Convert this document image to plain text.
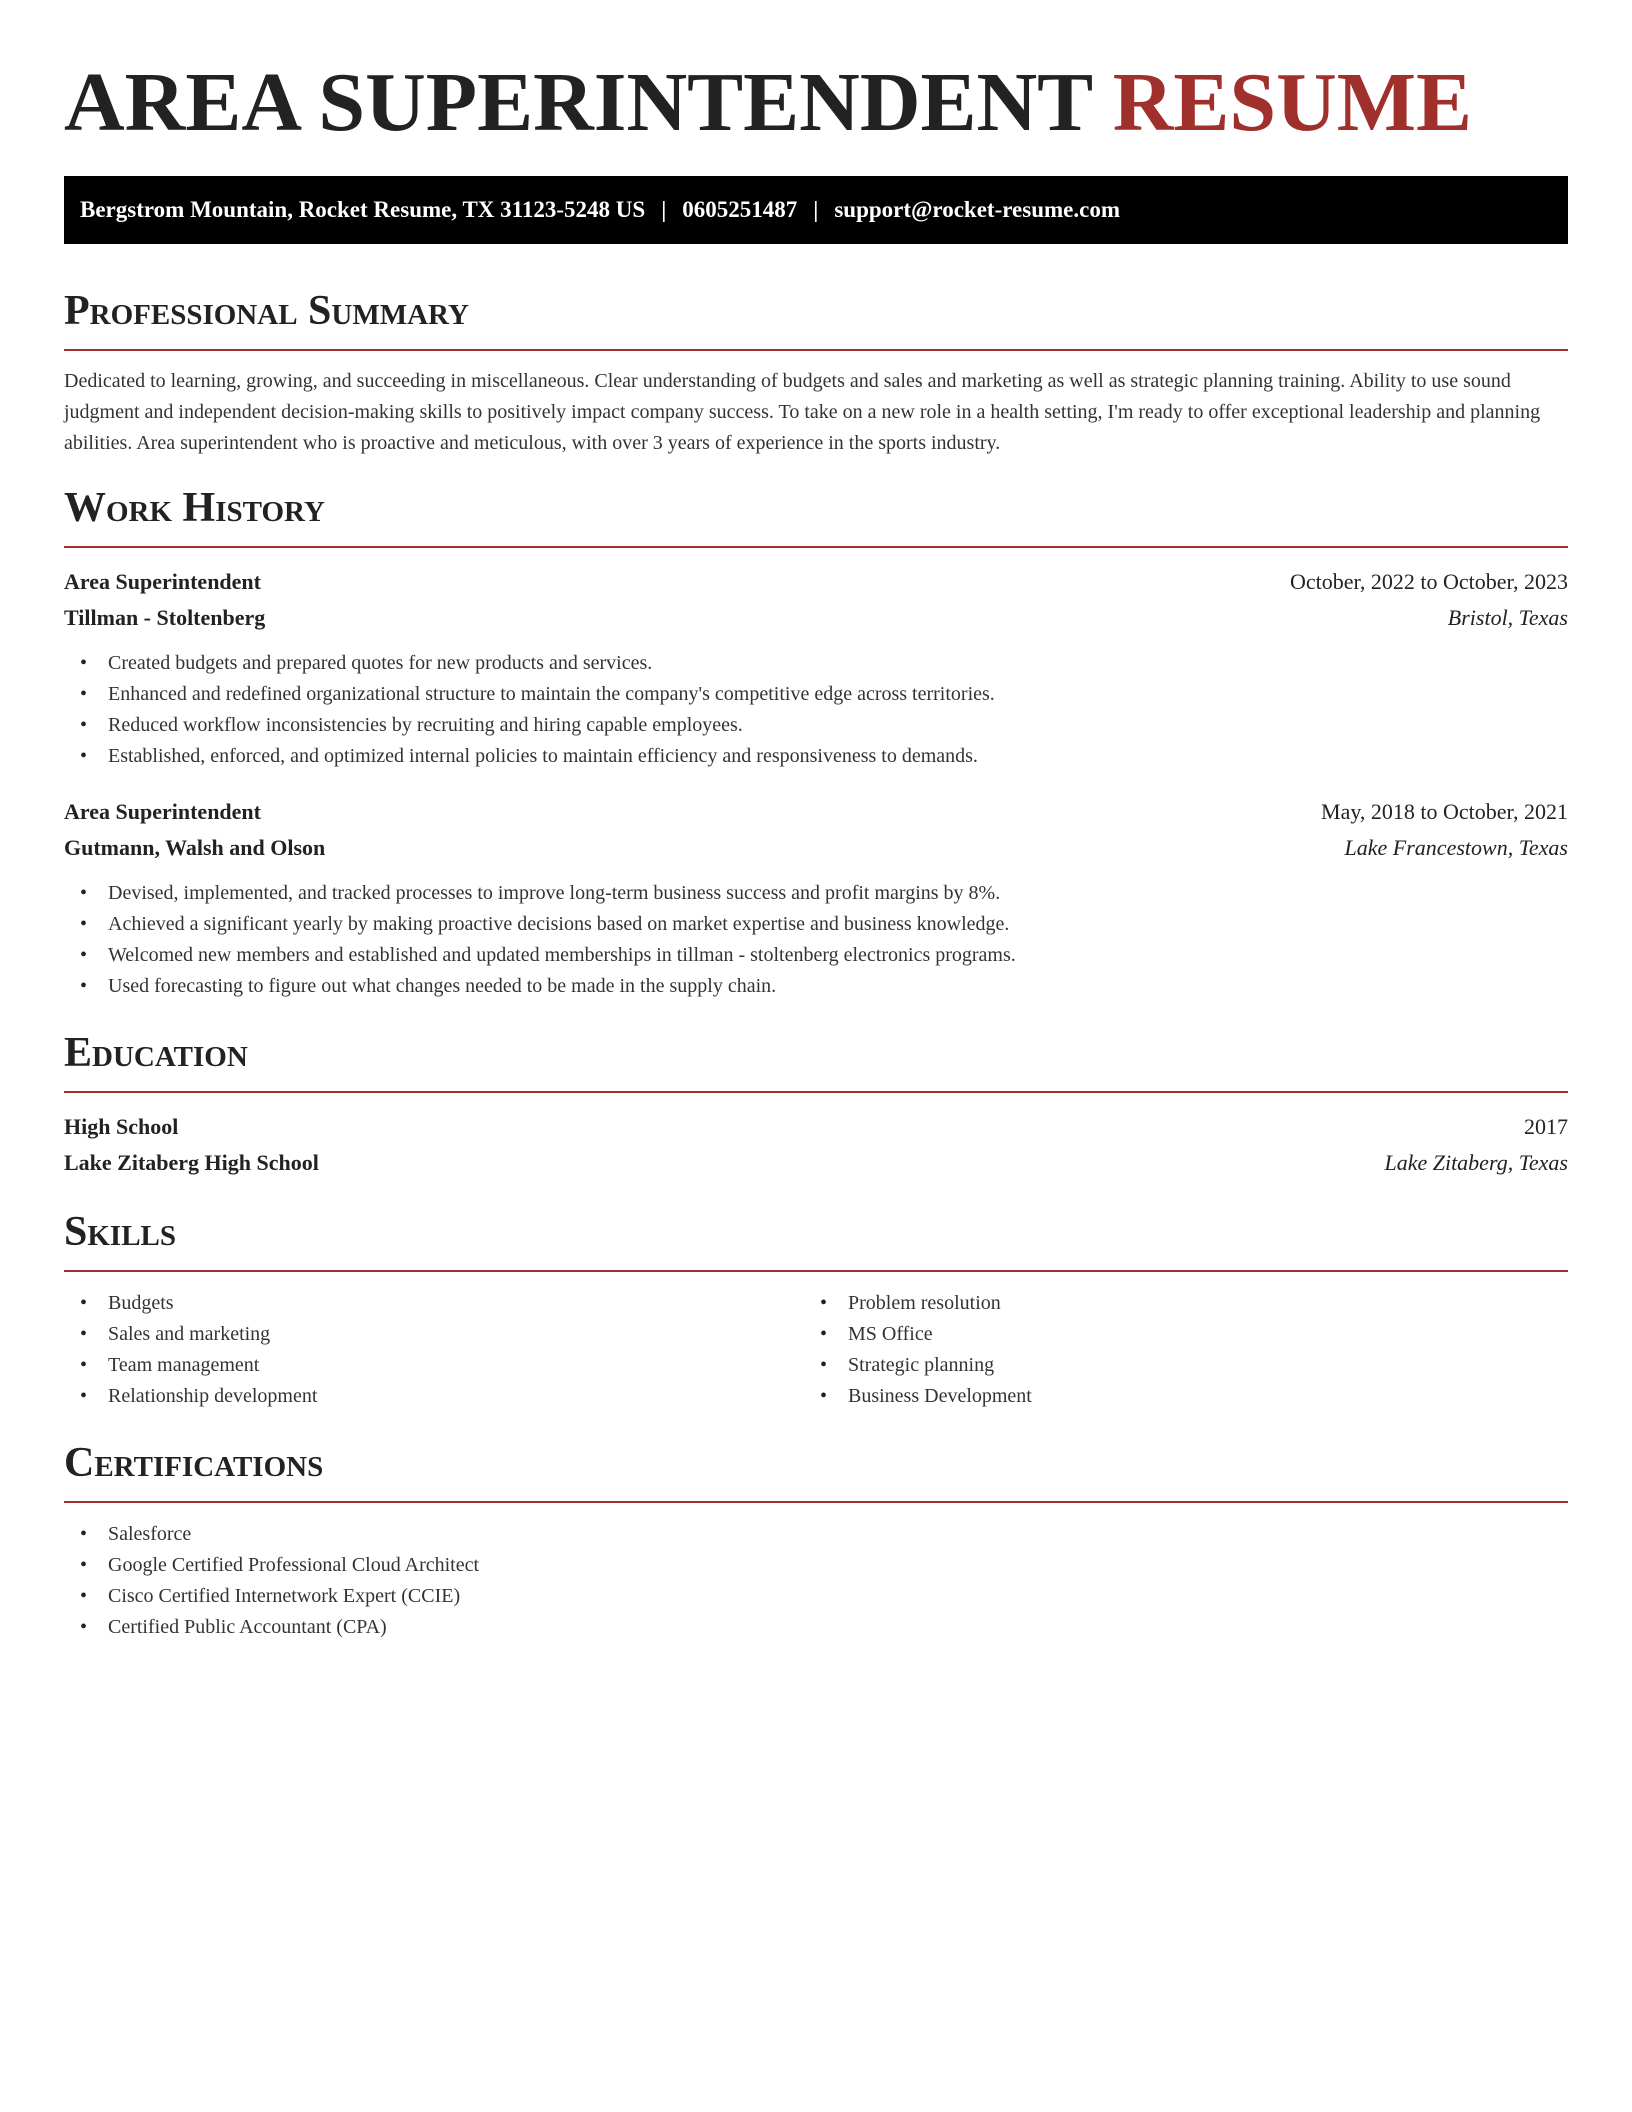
AREA SUPERINTENDENT RESUME
Bergstrom Mountain, Rocket Resume, TX 31123-5248 US | 0605251487 | support@rocket-resume.com
Professional Summary

Dedicated to learning, growing, and succeeding in miscellaneous. Clear understanding of budgets and sales and marketing as well as strategic planning training. Ability to use sound judgment and independent decision-making skills to positively impact company success. To take on a new role in a health setting, I'm ready to offer exceptional leadership and planning abilities. Area superintendent who is proactive and meticulous, with over 3 years of experience in the sports industry.

Work History
Area Superintendent	October, 2022 to October, 2023
Tillman - Stoltenberg	Bristol, Texas
• Created budgets and prepared quotes for new products and services.
• Enhanced and redefined organizational structure to maintain the company's competitive edge across territories.
• Reduced workflow inconsistencies by recruiting and hiring capable employees.
• Established, enforced, and optimized internal policies to maintain efficiency and responsiveness to demands.
Area Superintendent	May, 2018 to October, 2021
Gutmann, Walsh and Olson	Lake Francestown, Texas
• Devised, implemented, and tracked processes to improve long-term business success and profit margins by 8%.
• Achieved a significant yearly by making proactive decisions based on market expertise and business knowledge.
• Welcomed new members and established and updated memberships in tillman - stoltenberg electronics programs.
• Used forecasting to figure out what changes needed to be made in the supply chain.
Education
High School	2017
Lake Zitaberg High School	Lake Zitaberg, Texas
Skills
• Budgets
• Sales and marketing
• Team management
• Relationship development
• Problem resolution
• MS Office
• Strategic planning
• Business Development
Certifications
• Salesforce
• Google Certified Professional Cloud Architect
• Cisco Certified Internetwork Expert (CCIE)
• Certified Public Accountant (CPA)
